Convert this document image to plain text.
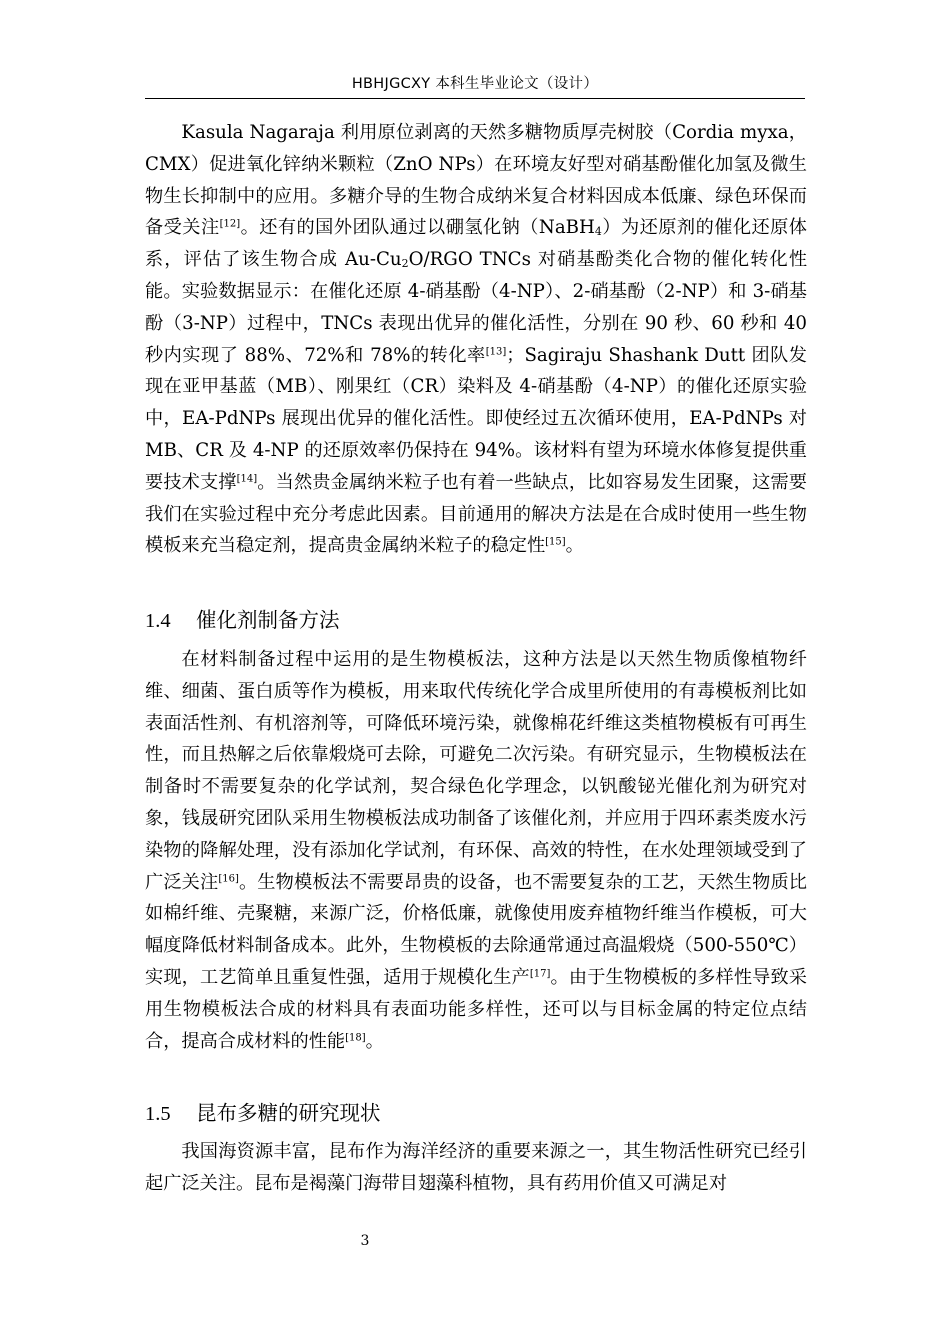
HBHJGCXY 本科生毕业论文（设计）

Kasula Nagaraja 利用原位剥离的天然多糖物质厚壳树胶（Cordia myxa，CMX）促进氧化锌纳米颗粒（ZnO NPs）在环境友好型对硝基酚催化加氢及微生物生长抑制中的应用。多糖介导的生物合成纳米复合材料因成本低廉、绿色环保而备受关注[12]。还有的国外团队通过以硼氢化钠（NaBH$_4$）为还原剂的催化还原体系，评估了该生物合成 $Au-Cu_2O$/RGO TNCs 对硝基酚类化合物的催化转化性能。实验数据显示：在催化还原 4-硝基酚（4-NP）、2-硝基酚（2-NP）和 3-硝基酚（3-NP）过程中，TNCs 表现出优异的催化活性，分别在 90 秒、60 秒和 40 秒内实现了 88%、72%和 78%的转化率[13]；Sagiraju Shashank Dutt 团队发现在亚甲基蓝（MB）、刚果红（CR）染料及 4-硝基酚（4-NP）的催化还原实验中，EA-PdNPs 展现出优异的催化活性。即使经过五次循环使用，EA-PdNPs 对 MB、CR 及 4-NP 的还原效率仍保持在 94%。该材料有望为环境水体修复提供重要技术支撑[14]。当然贵金属纳米粒子也有着一些缺点，比如容易发生团聚，这需要我们在实验过程中充分考虑此因素。目前通用的解决方法是在合成时使用一些生物模板来充当稳定剂，提高贵金属纳米粒子的稳定性[15]。

1.4 催化剂制备方法

在材料制备过程中运用的是生物模板法，这种方法是以天然生物质像植物纤维、细菌、蛋白质等作为模板，用来取代传统化学合成里所使用的有毒模板剂比如表面活性剂、有机溶剂等，可降低环境污染，就像棉花纤维这类植物模板有可再生性，而且热解之后依靠煅烧可去除，可避免二次污染。有研究显示，生物模板法在制备时不需要复杂的化学试剂，契合绿色化学理念，以钒酸铋光催化剂为研究对象，钱晟研究团队采用生物模板法成功制备了该催化剂，并应用于四环素类废水污染物的降解处理，没有添加化学试剂，有环保、高效的特性，在水处理领域受到了广泛关注[16]。生物模板法不需要昂贵的设备，也不需要复杂的工艺，天然生物质比如棉纤维、壳聚糖，来源广泛，价格低廉，就像使用废弃植物纤维当作模板，可大幅度降低材料制备成本。此外，生物模板的去除通常通过高温煅烧（500-550℃）实现，工艺简单且重复性强，适用于规模化生产[17]。由于生物模板的多样性导致采用生物模板法合成的材料具有表面功能多样性，还可以与目标金属的特定位点结合，提高合成材料的性能[18]。

1.5 昆布多糖的研究现状

我国海资源丰富，昆布作为海洋经济的重要来源之一，其生物活性研究已经引起广泛关注。昆布是褐藻门海带目翅藻科植物，具有药用价值又可满足对

3
